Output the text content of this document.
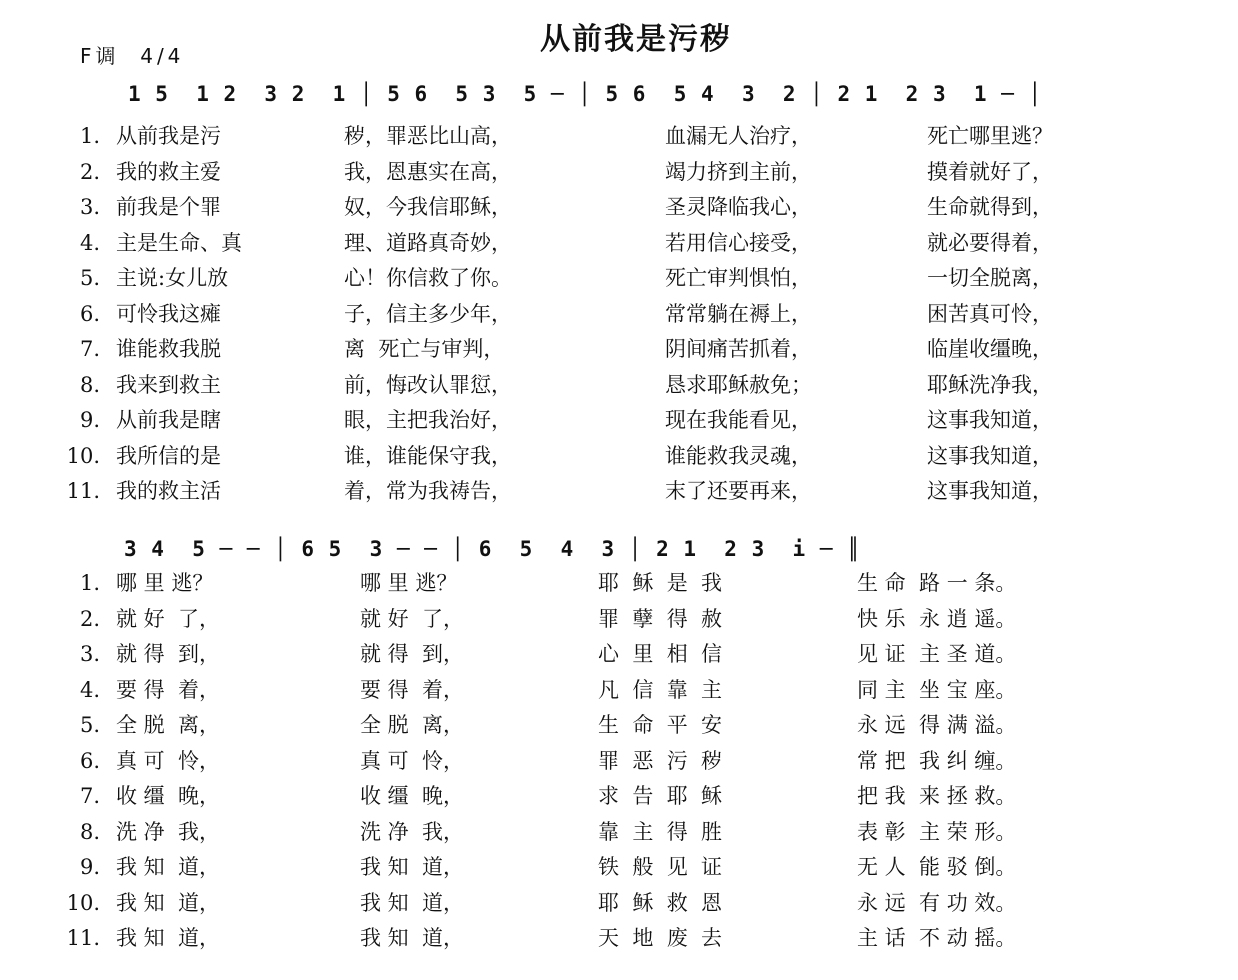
从前我是污秽
F调  4/4
1 5  1 2  3 2  1 │ 5 6  5 3  5 ─ │ 5 6  5 4  3  2 │ 2 1  2 3  1 ─ │
1. 从前我是污	秽，罪恶比山高，	血漏无人治疗，	死亡哪里逃？
2. 我的救主爱	我，恩惠实在高，	竭力挤到主前，	摸着就好了，
3. 前我是个罪	奴，今我信耶稣，	圣灵降临我心，	生命就得到，
4. 主是生命、真	理、道路真奇妙，	若用信心接受，	就必要得着，
5. 主说:女儿放	心！你信救了你。	死亡审判惧怕，	一切全脱离，
6. 可怜我这瘫	子，信主多少年，	常常躺在褥上，	困苦真可怜，
7. 谁能救我脱	离  死亡与审判，	阴间痛苦抓着，	临崖收缰晚，
8. 我来到救主	前，悔改认罪愆，	恳求耶稣赦免；	耶稣洗净我，
9. 从前我是瞎	眼，主把我治好，	现在我能看见，	这事我知道，
10. 我所信的是	谁，谁能保守我，	谁能救我灵魂，	这事我知道，
11. 我的救主活	着，常为我祷告，	末了还要再来，	这事我知道，
3 4  5 ─ ─ │ 6 5  3 ─ ─ │ 6  5  4  3 │ 2 1  2 3  i ─ ║
1. 哪 里 逃？	哪 里 逃？	耶  稣  是  我	生 命  路 一 条。
2. 就 好  了，	就 好  了，	罪  孽  得  赦	快 乐  永 逍 遥。
3. 就 得  到，	就 得  到，	心  里  相  信	见 证  主 圣 道。
4. 要 得  着，	要 得  着，	凡  信  靠  主	同 主  坐 宝 座。
5. 全 脱  离，	全 脱  离，	生  命  平  安	永 远  得 满 溢。
6. 真 可  怜，	真 可  怜，	罪  恶  污  秽	常 把  我 纠 缠。
7. 收 缰  晚，	收 缰  晚，	求  告  耶  稣	把 我  来 拯 救。
8. 洗 净  我，	洗 净  我，	靠  主  得  胜	表 彰  主 荣 形。
9. 我 知  道，	我 知  道，	铁  般  见  证	无 人  能 驳 倒。
10. 我 知  道，	我 知  道，	耶  稣  救  恩	永 远  有 功 效。
11. 我 知  道，	我 知  道，	天  地  废  去	主 话  不 动 摇。
